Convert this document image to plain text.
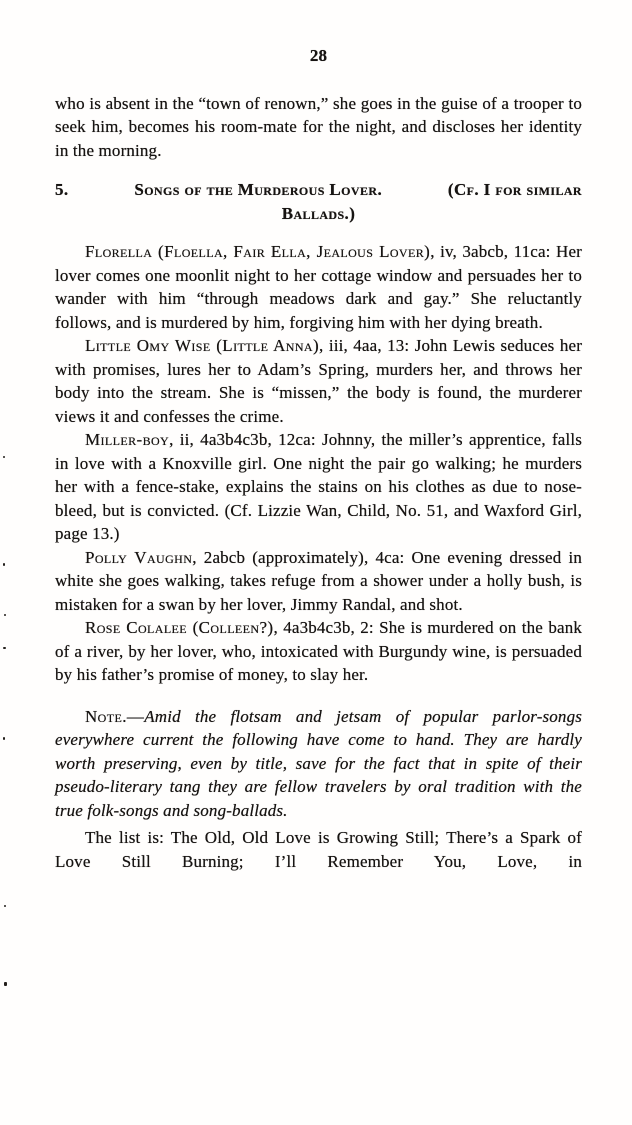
28

who is absent in the “town of renown,” she goes in the guise of a trooper to seek him, becomes his room-mate for the night, and discloses her identity in the morning.

5.	Songs of the Murderous Lover.	(Cf. I for similar
Ballads.)

Florella (Floella, Fair Ella, Jealous Lover), iv, 3abcb, 11ca: Her lover comes one moonlit night to her cottage window and persuades her to wander with him “through meadows dark and gay.” She reluctantly follows, and is murdered by him, forgiving him with her dying breath.

Little Omy Wise (Little Anna), iii, 4aa, 13: John Lewis seduces her with promises, lures her to Adam’s Spring, murders her, and throws her body into the stream. She is “missen,” the body is found, the murderer views it and confesses the crime.

Miller-boy, ii, 4a3b4c3b, 12ca: Johnny, the miller’s apprentice, falls in love with a Knoxville girl. One night the pair go walking; he murders her with a fence-stake, explains the stains on his clothes as due to nose-bleed, but is convicted. (Cf. Lizzie Wan, Child, No. 51, and Waxford Girl, page 13.)

Polly Vaughn, 2abcb (approximately), 4ca: One evening dressed in white she goes walking, takes refuge from a shower under a holly bush, is mistaken for a swan by her lover, Jimmy Randal, and shot.

Rose Colalee (Colleen?), 4a3b4c3b, 2: She is murdered on the bank of a river, by her lover, who, intoxicated with Burgundy wine, is persuaded by his father’s promise of money, to slay her.

Note.—Amid the flotsam and jetsam of popular parlor-songs everywhere current the following have come to hand. They are hardly worth preserving, even by title, save for the fact that in spite of their pseudo-literary tang they are fellow travelers by oral tradition with the true folk-songs and song-ballads.

The list is: The Old, Old Love is Growing Still; There’s a Spark of Love Still Burning; I’ll Remember You, Love, in
